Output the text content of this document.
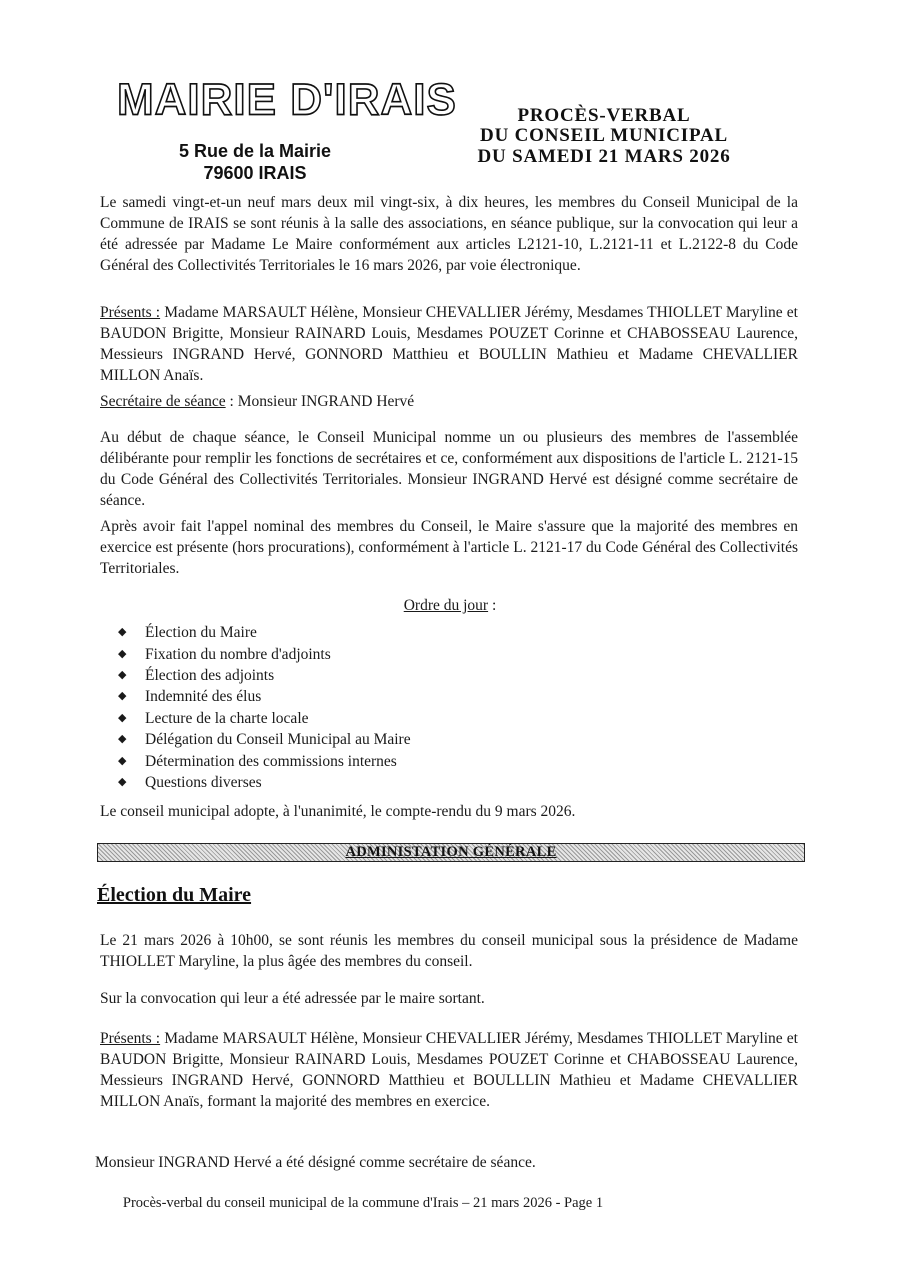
MAIRIE D'IRAIS
5 Rue de la Mairie
79600 IRAIS
PROCÈS-VERBAL
DU CONSEIL MUNICIPAL
DU SAMEDI 21 MARS 2026

Le samedi vingt-et-un neuf mars deux mil vingt-six, à dix heures, les membres du Conseil Municipal de la Commune de IRAIS se sont réunis à la salle des associations, en séance publique, sur la convocation qui leur a été adressée par Madame Le Maire conformément aux articles L2121-10, L.2121-11 et L.2122-8 du Code Général des Collectivités Territoriales le 16 mars 2026, par voie électronique.

Présents : Madame MARSAULT Hélène, Monsieur CHEVALLIER Jérémy, Mesdames THIOLLET Maryline et BAUDON Brigitte, Monsieur RAINARD Louis, Mesdames POUZET Corinne et CHABOSSEAU Laurence, Messieurs INGRAND Hervé, GONNORD Matthieu et BOULLIN Mathieu et Madame CHEVALLIER MILLON Anaïs.

Secrétaire de séance : Monsieur INGRAND Hervé

Au début de chaque séance, le Conseil Municipal nomme un ou plusieurs des membres de l'assemblée délibérante pour remplir les fonctions de secrétaires et ce, conformément aux dispositions de l'article L. 2121-15 du Code Général des Collectivités Territoriales. Monsieur INGRAND Hervé est désigné comme secrétaire de séance.

Après avoir fait l'appel nominal des membres du Conseil, le Maire s'assure que la majorité des membres en exercice est présente (hors procurations), conformément à l'article L. 2121-17 du Code Général des Collectivités Territoriales.

Ordre du jour :
◆	Élection du Maire
◆	Fixation du nombre d'adjoints
◆	Élection des adjoints
◆	Indemnité des élus
◆	Lecture de la charte locale
◆	Délégation du Conseil Municipal au Maire
◆	Détermination des commissions internes
◆	Questions diverses
Le conseil municipal adopte, à l'unanimité, le compte-rendu du 9 mars 2026.
ADMINISTATION GÉNÉRALE
Élection du Maire

Le 21 mars 2026 à 10h00, se sont réunis les membres du conseil municipal sous la présidence de Madame THIOLLET Maryline, la plus âgée des membres du conseil.

Sur la convocation qui leur a été adressée par le maire sortant.

Présents : Madame MARSAULT Hélène, Monsieur CHEVALLIER Jérémy, Mesdames THIOLLET Maryline et BAUDON Brigitte, Monsieur RAINARD Louis, Mesdames POUZET Corinne et CHABOSSEAU Laurence, Messieurs INGRAND Hervé, GONNORD Matthieu et BOULLLIN Mathieu et Madame CHEVALLIER MILLON Anaïs, formant la majorité des membres en exercice.

Monsieur INGRAND Hervé a été désigné comme secrétaire de séance.
Procès-verbal du conseil municipal de la commune d'Irais – 21 mars 2026 - Page 1
